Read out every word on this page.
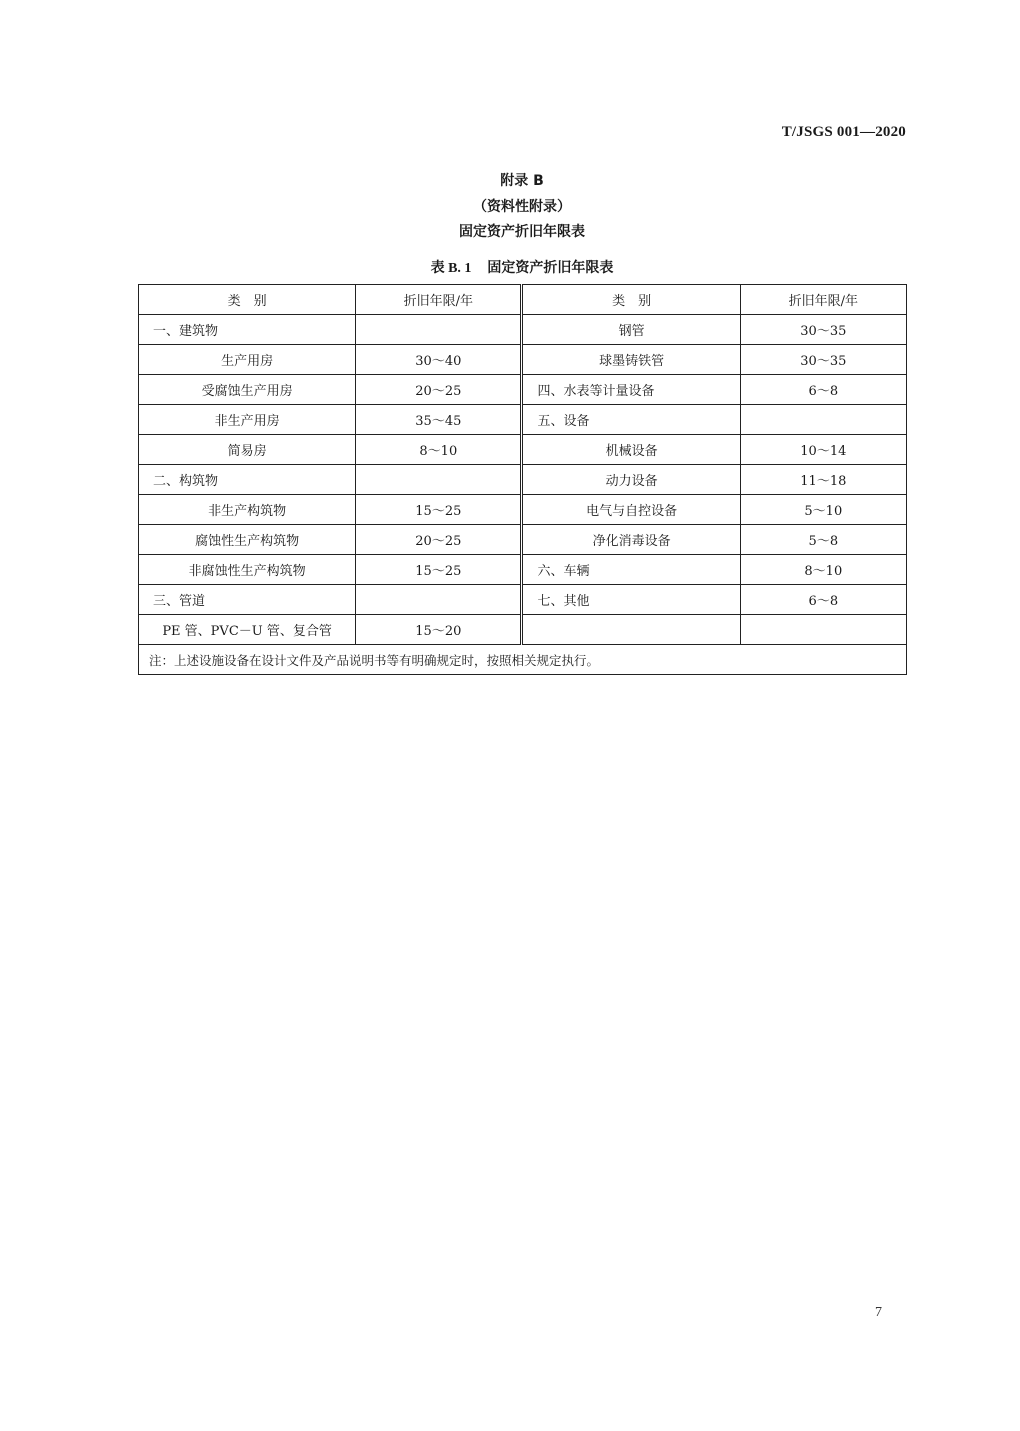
T/JSGS 001—2020
附录 B
（资料性附录）
固定资产折旧年限表
表 B. 1 固定资产折旧年限表
类　别	折旧年限/年	类　别	折旧年限/年
一、建筑物		钢管	30～35
生产用房	30～40	球墨铸铁管	30～35
受腐蚀生产用房	20～25	四、水表等计量设备	6～8
非生产用房	35～45	五、设备	
简易房	8～10	机械设备	10～14
二、构筑物		动力设备	11～18
非生产构筑物	15～25	电气与自控设备	5～10
腐蚀性生产构筑物	20～25	净化消毒设备	5～8
非腐蚀性生产构筑物	15～25	六、车辆	8～10
三、管道		七、其他	6～8
PE 管、PVC－U 管、复合管	15～20		
注：上述设施设备在设计文件及产品说明书等有明确规定时，按照相关规定执行。			
7
